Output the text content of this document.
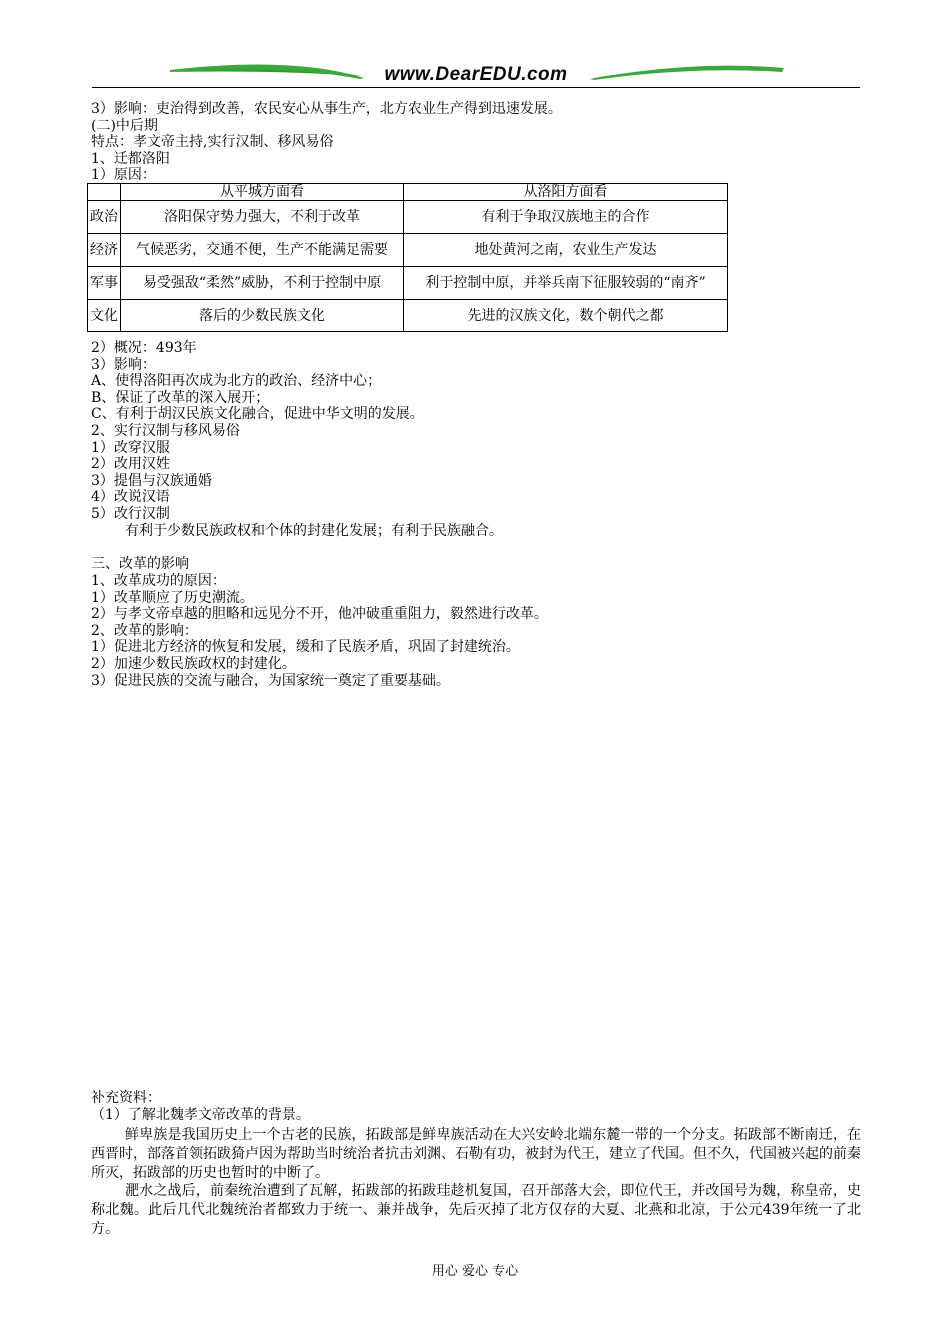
www.DearEDU.com
3）影响：吏治得到改善，农民安心从事生产，北方农业生产得到迅速发展。
(二)中后期
特点：孝文帝主持,实行汉制、移风易俗
1、迁都洛阳
1）原因：
	从平城方面看	从洛阳方面看
政治	洛阳保守势力强大，不利于改革	有利于争取汉族地主的合作
经济	气候恶劣，交通不便，生产不能满足需要	地处黄河之南，农业生产发达
军事	易受强敌“柔然”威胁，不利于控制中原	利于控制中原，并举兵南下征服较弱的“南齐”
文化	落后的少数民族文化	先进的汉族文化，数个朝代之都
2）概况：493年
3）影响：
A、使得洛阳再次成为北方的政治、经济中心；
B、保证了改革的深入展开；
C、有利于胡汉民族文化融合，促进中华文明的发展。
2、实行汉制与移风易俗
1）改穿汉服
2）改用汉姓
3）提倡与汉族通婚
4）改说汉语
5）改行汉制
有利于少数民族政权和个体的封建化发展；有利于民族融合。
三、改革的影响
1、改革成功的原因：
1）改革顺应了历史潮流。
2）与孝文帝卓越的胆略和远见分不开，他冲破重重阻力，毅然进行改革。
2、改革的影响：
1）促进北方经济的恢复和发展，缓和了民族矛盾，巩固了封建统治。
2）加速少数民族政权的封建化。
3）促进民族的交流与融合，为国家统一奠定了重要基础。
补充资料：
（1）了解北魏孝文帝改革的背景。

鲜卑族是我国历史上一个古老的民族，拓跋部是鲜卑族活动在大兴安岭北端东麓一带的一个分支。拓跋部不断南迁，在西晋时，部落首领拓跋猗卢因为帮助当时统治者抗击刘渊、石勒有功，被封为代王，建立了代国。但不久，代国被兴起的前秦所灭，拓跋部的历史也暂时的中断了。

淝水之战后，前秦统治遭到了瓦解，拓跋部的拓跋珪趁机复国，召开部落大会，即位代王，并改国号为魏，称皇帝，史称北魏。此后几代北魏统治者都致力于统一、兼并战争，先后灭掉了北方仅存的大夏、北燕和北凉，于公元439年统一了北方。

用心 爱心 专心
